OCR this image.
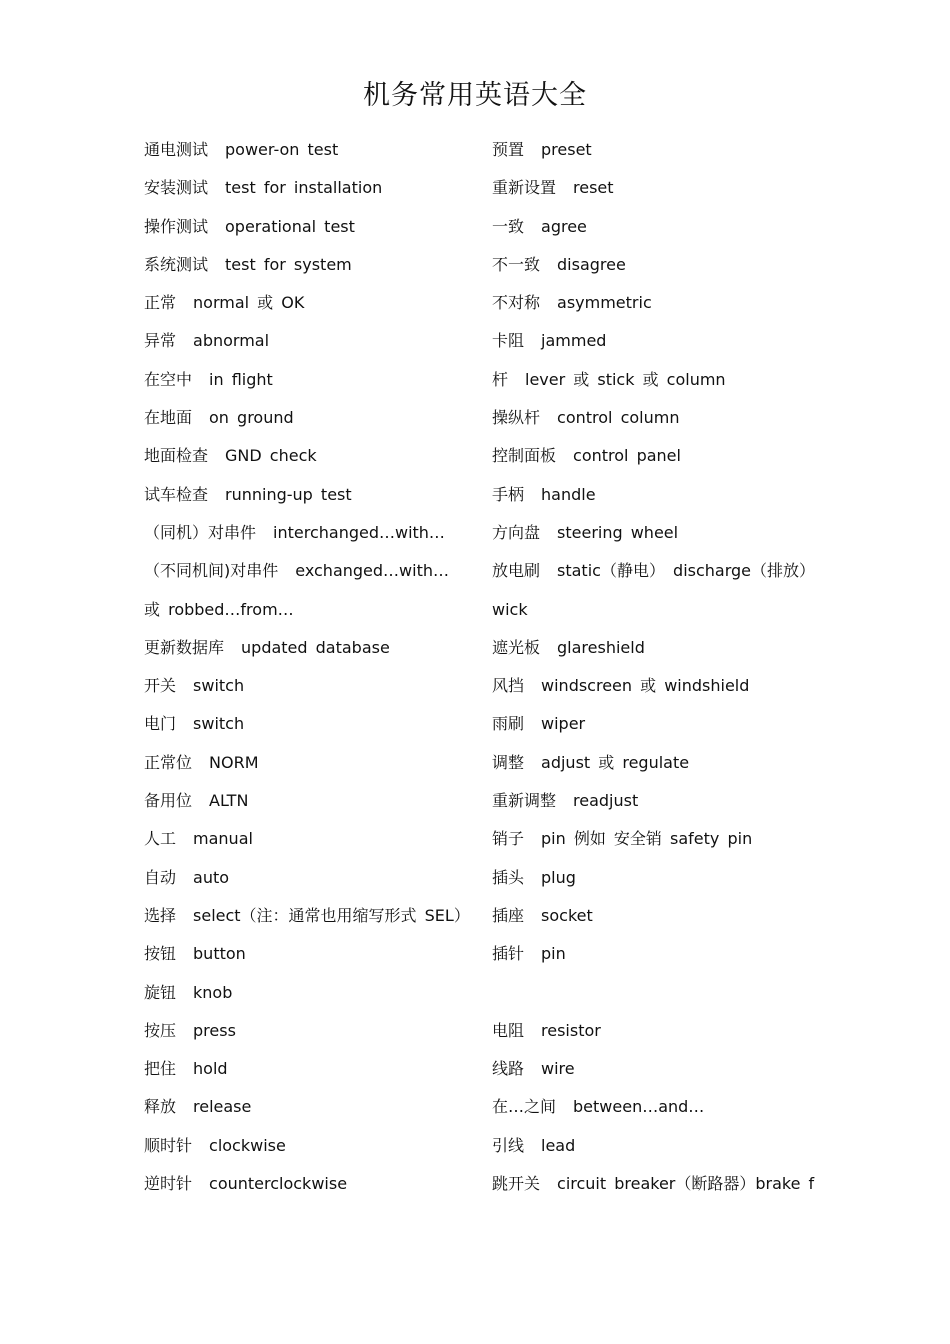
机务常用英语大全
通电测试 power-on test
安装测试 test for installation
操作测试 operational test
系统测试 test for system
正常 normal 或 OK
异常 abnormal
在空中 in flight
在地面 on ground
地面检查 GND check
试车检查 running-up test
（同机）对串件 interchanged…with…
（不同机间)对串件 exchanged…with…
或 robbed…from…
更新数据库 updated database
开关 switch
电门 switch
正常位 NORM
备用位 ALTN
人工 manual
自动 auto
选择 select（注：通常也用缩写形式 SEL）
按钮 button
旋钮 knob
按压 press
把住 hold
释放 release
顺时针 clockwise
逆时针 counterclockwise
预置 preset
重新设置 reset
一致 agree
不一致 disagree
不对称 asymmetric
卡阻 jammed
杆 lever 或 stick 或 column
操纵杆 control column
控制面板 control panel
手柄 handle
方向盘 steering wheel
放电刷 static（静电） discharge（排放）
wick
遮光板 glareshield
风挡 windscreen 或 windshield
雨刷 wiper
调整 adjust 或 regulate
重新调整 readjust
销子 pin 例如 安全销 safety pin
插头 plug
插座 socket
插针 pin
电阻 resistor
线路 wire
在…之间 between…and…
引线 lead
跳开关 circuit breaker（断路器）brake f
